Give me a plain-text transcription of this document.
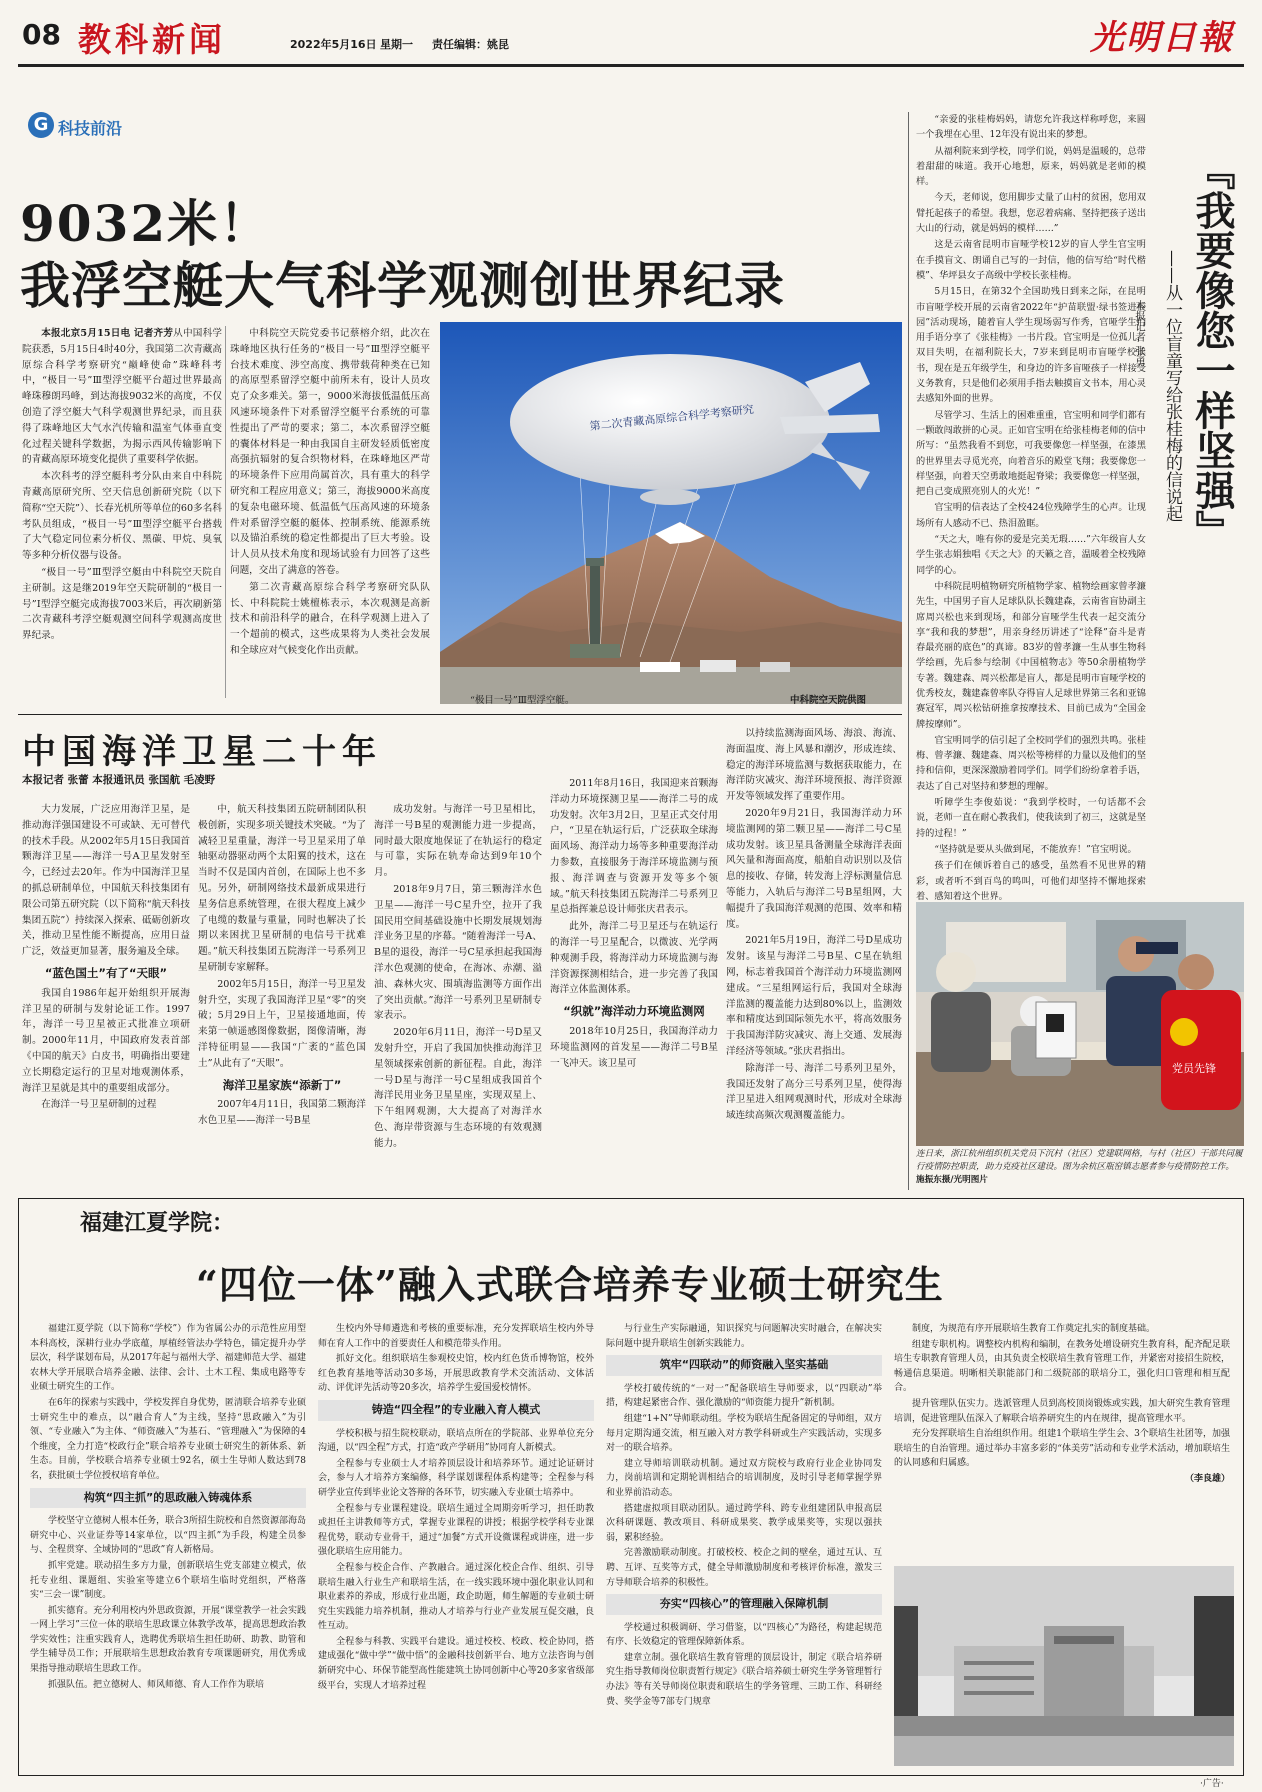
08 教科新闻	2022年5月16日 星期一 责任编辑：姚昆	光明日報
G 科技前沿
9032米！
我浮空艇大气科学观测创世界纪录

本报北京5月15日电 记者齐芳从中国科学院获悉，5月15日4时40分，我国第二次青藏高原综合科学考察研究“巅峰使命”珠峰科考中，“极目一号”Ⅲ型浮空艇平台超过世界最高峰珠穆朗玛峰，到达海拔9032米的高度，不仅创造了浮空艇大气科学观测世界纪录，而且获得了珠峰地区大气水汽传输和温室气体垂直变化过程关键科学数据，为揭示西风传输影响下的青藏高原环境变化提供了重要科学依据。

本次科考的浮空艇科考分队由来自中科院青藏高原研究所、空天信息创新研究院（以下简称“空天院”）、长春光机所等单位的60多名科考队员组成，“极目一号”Ⅲ型浮空艇平台搭载了大气稳定同位素分析仪、黑碳、甲烷、臭氧等多种分析仪器与设备。

“极目一号”Ⅲ型浮空艇由中科院空天院自主研制。这是继2019年空天院研制的“极目一号”Ⅰ型浮空艇完成海拔7003米后，再次刷新第二次青藏科考浮空艇观测空间科学观测高度世界纪录。

中科院空天院党委书记蔡榕介绍，此次在珠峰地区执行任务的“极目一号”Ⅲ型浮空艇平台技术难度、涉空高度、携带载荷种类在已知的高原型系留浮空艇中前所未有，设计人员攻克了众多难关。第一，9000米海拔低温低压高风速环境条件下对系留浮空艇平台系统的可靠性提出了严苛的要求；第二，本次系留浮空艇的囊体材料是一种由我国自主研发轻质低密度高强抗辐射的复合织物材料，在珠峰地区严苛的环境条件下应用尚属首次，具有重大的科学研究和工程应用意义；第三，海拔9000米高度的复杂电磁环境、低温低气压高风速的环境条件对系留浮空艇的艇体、控制系统、能源系统以及锚泊系统的稳定性都提出了巨大考验。设计人员从技术角度和现场试验有力回答了这些问题，交出了满意的答卷。

第二次青藏高原综合科学考察研究队队长、中科院院士姚檀栋表示，本次观测是高新技术和前沿科学的融合，在科学观测上进入了一个超前的模式，这些成果将为人类社会发展和全球应对气候变化作出贡献。

第二次青藏高原综合科学考察研究
“极目一号”Ⅲ型浮空艇。	中科院空天院供图
中国海洋卫星二十年
本报记者 张蕾 本报通讯员 张国航 毛凌野

大力发展，广泛应用海洋卫星，是推动海洋强国建设不可或缺、无可替代的技术手段。从2002年5月15日我国首颗海洋卫星——海洋一号A卫星发射至今，已经过去20年。作为中国海洋卫星的抓总研制单位，中国航天科技集团有限公司第五研究院（以下简称“航天科技集团五院”）持续深入探索、砥砺创新攻关，推动卫星性能不断提高，应用日益广泛，效益更加显著，服务遍及全球。

“蓝色国土”有了“天眼”

我国自1986年起开始组织开展海洋卫星的研制与发射论证工作。1997年，海洋一号卫星被正式批准立项研制。2000年11月，中国政府发表首部《中国的航天》白皮书，明确指出要建立长期稳定运行的卫星对地观测体系，海洋卫星就是其中的重要组成部分。

在海洋一号卫星研制的过程

中，航天科技集团五院研制团队积极创新，实现多项关键技术突破。“为了减轻卫星重量，海洋一号卫星采用了单轴驱动器驱动两个太阳翼的技术，这在当时不仅是国内首创，在国际上也不多见。另外，研制网络技术最新成果进行星务信息系统管理，在很大程度上减少了电缆的数量与重量，同时也解决了长期以来困扰卫星研制的电信号干扰难题。”航天科技集团五院海洋一号系列卫星研制专家解释。

2002年5月15日，海洋一号卫星发射升空，实现了我国海洋卫星“零”的突破；5月29日上午，卫星接通地面，传来第一帧遥感图像数据，图像清晰，海洋特征明显——我国“广袤的“蓝色国土”从此有了“天眼”。

海洋卫星家族“添新丁”

2007年4月11日，我国第二颗海洋水色卫星——海洋一号B星

成功发射。与海洋一号卫星相比，海洋一号B星的观测能力进一步提高，同时最大限度地保证了在轨运行的稳定与可靠，实际在轨寿命达到9年10个月。

2018年9月7日，第三颗海洋水色卫星——海洋一号C星升空，拉开了我国民用空间基础设施中长期发展规划海洋业务卫星的序幕。“随着海洋一号A、B星的退役，海洋一号C星承担起我国海洋水色观测的使命，在海冰、赤潮、溢油、森林火灾、围填海监测等方面作出了突出贡献。”海洋一号系列卫星研制专家表示。

2020年6月11日，海洋一号D星又发射升空，开启了我国加快推动海洋卫星领域探索创新的新征程。自此，海洋一号D星与海洋一号C星组成我国首个海洋民用业务卫星星座，实现双星上、下午组网观测，大大提高了对海洋水色、海岸带资源与生态环境的有效观测能力。

2011年8月16日，我国迎来首颗海洋动力环境探测卫星——海洋二号的成功发射。次年3月2日，卫星正式交付用户，“卫星在轨运行后，广泛获取全球海面风场、海洋动力场等多种重要海洋动力参数，直接服务于海洋环境监测与预报、海洋调查与资源开发等多个领域。”航天科技集团五院海洋二号系列卫星总指挥兼总设计师张庆君表示。

此外，海洋二号卫星还与在轨运行的海洋一号卫星配合，以微波、光学两种观测手段，将海洋动力环境监测与海洋资源探测相结合，进一步完善了我国海洋立体监测体系。

“织就”海洋动力环境监测网

2018年10月25日，我国海洋动力环境监测网的首发星——海洋二号B星一飞冲天。该卫星可

以持续监测海面风场、海浪、海流、海面温度、海上风暴和潮汐，形成连续、稳定的海洋环境监测与数据获取能力，在海洋防灾减灾、海洋环境预报、海洋资源开发等领域发挥了重要作用。

2020年9月21日，我国海洋动力环境监测网的第二颗卫星——海洋二号C星成功发射。该卫星具备测量全球海洋表面风矢量和海面高度，船舶自动识别以及信息的接收、存储，转发海上浮标测量信息等能力，入轨后与海洋二号B星组网，大幅提升了我国海洋观测的范围、效率和精度。

2021年5月19日，海洋二号D星成功发射。该星与海洋二号B星、C星在轨组网，标志着我国首个海洋动力环境监测网建成。“三星组网运行后，我国对全球海洋监测的覆盖能力达到80%以上，监测效率和精度达到国际领先水平，将高效服务于我国海洋防灾减灾、海上交通、发展海洋经济等领域。”张庆君指出。

除海洋一号、海洋二号系列卫星外，我国还发射了高分三号系列卫星，使得海洋卫星进入组网观测时代，形成对全球海域连续高频次观测覆盖能力。

“亲爱的张桂梅妈妈，请您允许我这样称呼您，来圆一个我埋在心里、12年没有说出来的梦想。

从福利院来到学校，同学们说，妈妈是温暖的，总带着甜甜的味道。我开心地想，原来，妈妈就是老师的模样。

今天，老师说，您用脚步丈量了山村的贫困，您用双臂托起孩子的希望。我想，您忍着病痛、坚持把孩子送出大山的行动，就是妈妈的模样……”

这是云南省昆明市盲哑学校12岁的盲人学生官宝明在手摸盲文、朗诵自己写的一封信，他的信写给“时代楷模”、华坪县女子高级中学校长张桂梅。

5月15日，在第32个全国助残日到来之际，在昆明市盲哑学校开展的云南省2022年“护苗联盟·绿书签进校园”活动现场，随着盲人学生现场弱写作秀，官哑学生们用手语分享了《张桂梅》一书片段。官宝明是一位孤儿，双目失明，在福利院长大，7岁来到昆明市盲哑学校读书，现在是五年级学生，和身边的许多盲哑孩子一样接受义务教育，只是他们必须用手指去触摸盲文书本，用心灵去感知外面的世界。

尽管学习、生活上的困难重重，官宝明和同学们都有一颗敢闯敢拼的心灵。正如官宝明在给张桂梅老师的信中所写：“虽然我看不到您，可我要像您一样坚强，在漆黑的世界里去寻觅光亮，向着音乐的殿堂飞翔；我要像您一样坚强，向着天空勇敢地挺起脊梁；我要像您一样坚强，把自己变成照亮别人的火光！”

官宝明的信表达了全校424位残障学生的心声。让现场所有人感动不已、热泪盈眶。

“天之大，唯有你的爱是完美无瑕……”六年级盲人女学生张志娟独唱《天之大》的天籁之音，温暖着全校残障同学的心。

中科院昆明植物研究所植物学家、植物绘画家曾孝濂先生，中国男子盲人足球队队长魏建森，云南省盲协副主席周兴松也来到现场，和部分盲哑学生代表一起交流分享“我和我的梦想”，用亲身经历讲述了“诠释”奋斗是青春最亮丽的底色”的真谛。83岁的曾孝濂一生从事生物科学绘画，先后参与绘制《中国植物志》等50余册植物学专著。魏建森、周兴松都是盲人，都是昆明市盲哑学校的优秀校友，魏建森曾率队夺得盲人足球世界第三名和亚锦赛冠军，周兴松钻研推拿按摩技术、目前已成为“全国金牌按摩师”。

官宝明同学的信引起了全校同学们的强烈共鸣。张桂梅、曾孝濂、魏建森、周兴松等榜样的力量以及他们的坚持和信仰，更深深激励着同学们。同学们纷纷拿着手语，表达了自己对坚持和梦想的理解。

听障学生李俊茹说：“我到学校时，一句话都不会说，老师一直在耐心教我们，使我读到了初三，这就是坚持的过程！”

“坚持就是要从头做到尾，不能放弃！”官宝明说。

孩子们在倾诉着自己的感受，虽然看不见世界的精彩，或者听不到百鸟的鸣叫，可他们却坚持不懈地探索着、感知着这个世界。

『我要像您一样坚强』
——从一位盲童写给张桂梅的信说起
本报记者 张勇
党员先锋
连日来，浙江杭州组织机关党员下沉村（社区）党建联网格，与村（社区）干部共同履行疫情防控职责，助力克疫社区建设。图为余杭区瓶窑镇志愿者参与疫情防控工作。 施振东摄/光明图片
福建江夏学院：
“四位一体”融入式联合培养专业硕士研究生

福建江夏学院（以下简称“学校”）作为省属公办的示范性应用型本科高校，深耕行业办学底蕴，厚植经管法办学特色，锚定提升办学层次，科学谋划布局，从2017年起与福州大学、福建师范大学、福建农林大学开展联合培养金融、法律、会计、土木工程、集成电路等专业硕士研究生的工作。

在6年的探索与实践中，学校发挥自身优势，匿清联合培养专业硕士研究生中的难点，以“融合育人”为主线，坚持“思政融入”为引领、“专业融入”为主体、“师资融入”为基石、“管理融入”为保障的4个维度，全力打造“校政行企”联合培养专业硕士研究生的新体系、新生态。目前，学校联合培养专业硕士92名，硕士生导师人数达到78名，获批硕士学位授权培育单位。

构筑“四主抓”的思政融入铸魂体系

学校坚守立德树人根本任务，联合3所招生院校和自然资源部海岛研究中心、兴业证券等14家单位，以“四主抓”为手段，构建全员参与、全程贯穿、全域协同的“思政”育人新格局。

抓牢党建。联动招生多方力量，创新联培生党支部建立模式，依托专业组、课题组、实验室等建立6个联培生临时党组织，严格落实“三会一课”制度。

抓实德育。充分利用校内外思政资源，开展“课堂教学一社会实践一网上学习”三位一体的联培生思政课立体教学改革，提高思想政治教学实效性；注重实践育人，选聘优秀联培生担任助研、助教、助管和学生辅导员工作；开展联培生思想政治教育专项课题研究，用优秀成果指导推动联培生思政工作。

抓强队伍。把立德树人、师风师德、育人工作作为联培

生校内外导师遴选和考核的重要标准，充分发挥联培生校内外导师在育人工作中的首要责任人和模范带头作用。

抓好文化。组织联培生参观校史馆，校内红色货币博物馆，校外红色教育基地等活动30多场，开展思政教育学术交流活动、文体活动、评优评先活动等20多次，培养学生爱国爱校情怀。

铸造“四全程”的专业融入育人模式

学校积极与招生院校联动，联培点所在的学院部、业界单位充分沟通，以“四全程”方式，打造“政产学研用”协同育人新模式。

全程参与专业硕士人才培养顶层设计和培养环节。通过论证研讨会，参与人才培养方案编修，科学谋划课程体系构建等；全程参与科研学业宣传到毕业论文答辩的各环节，切实融入专业硕士培养中。

全程参与专业课程建设。联培生通过全周期旁听学习，担任助教或担任主讲教师等方式，掌握专业课程的讲授；根据学校学科专业课程优势，联动专业骨干，通过“加餐”方式开设微课程或讲座，进一步强化联培生应用能力。

全程参与校企合作、产教融合。通过深化校企合作、组织、引导联培生融入行业生产和联培生活，在一线实践环境中强化职业认同和职业素养的养成，形成行业出题，政企助题，师生解题的专业硕士研究生实践能力培养机制，推动人才培养与行业产业发展互促交融，良性互动。

全程参与科教、实践平台建设。通过校校、校政、校企协同，搭建成强化“做中学”“做中悟”的金融科技创新平台、地方立法咨询与创新研究中心、环保节能型高性能建筑土协同创新中心等20多家省级部级平台，实现人才培养过程

与行业生产实际融通，知识探究与问题解决实时融合，在解决实际问题中提升联培生创新实践能力。

筑牢“四联动”的师资融入坚实基础

学校打破传统的“一对一”配备联培生导师要求，以“四联动”举措，构建起紧密合作、强化激励的“师资能力提升”新机制。

组建“1+N”导师联动组。学校为联培生配备固定的导师组，双方每月定期沟通交流，相互融入对方教学科研或生产实践活动，实现多对一的联合培养。

建立导师培训联动机制。通过双方院校与政府行业企业协同发力，岗前培训和定期轮训相结合的培训制度，及时引导老师掌握学界和业界前沿动态。

搭建虚拟项目联动团队。通过跨学科、跨专业组建团队申报高层次科研课题、教改项目、科研成果奖、教学成果奖等，实现以强扶弱，累积经验。

完善激励联动制度。打破校校、校企之间的壁垒，通过互认、互聘、互评、互奖等方式，健全导师激励制度和考核评价标准，激发三方导师联合培养的积极性。

夯实“四核心”的管理融入保障机制

学校通过积极调研、学习借鉴，以“四核心”为路径，构建起规范有序、长效稳定的管理保障新体系。

建章立制。强化联培生教育管理的顶层设计，制定《联合培养研究生指导教师岗位职责暂行规定》《联合培养硕士研究生学务管理暂行办法》等有关导师岗位职责和联培生的学务管理、三助工作、科研经费、奖学金等7部专门规章

制度，为规范有序开展联培生教育工作奠定扎实的制度基础。

组建专职机构。调整校内机构和编制，在教务处增设研究生教育科，配齐配足联培生专职教育管理人员，由其负责全校联培生教育管理工作，并紧密对接招生院校，畅通信息渠道。明晰相关职能部门和二级院部的联培分工，强化归口管理和相互配合。

提升管理队伍实力。选派管理人员到高校顶岗锻炼或实践，加大研究生教育管理培训，促进管理队伍深入了解联合培养研究生的内在规律，提高管理水平。

充分发挥联培生自治组织作用。组建1个联培生学生会、3个联培生社团等，加强联培生的自治管理。通过举办丰富多彩的“体美劳”活动和专业学术活动，增加联培生的认同感和归属感。

（李良雄）
·广告·
